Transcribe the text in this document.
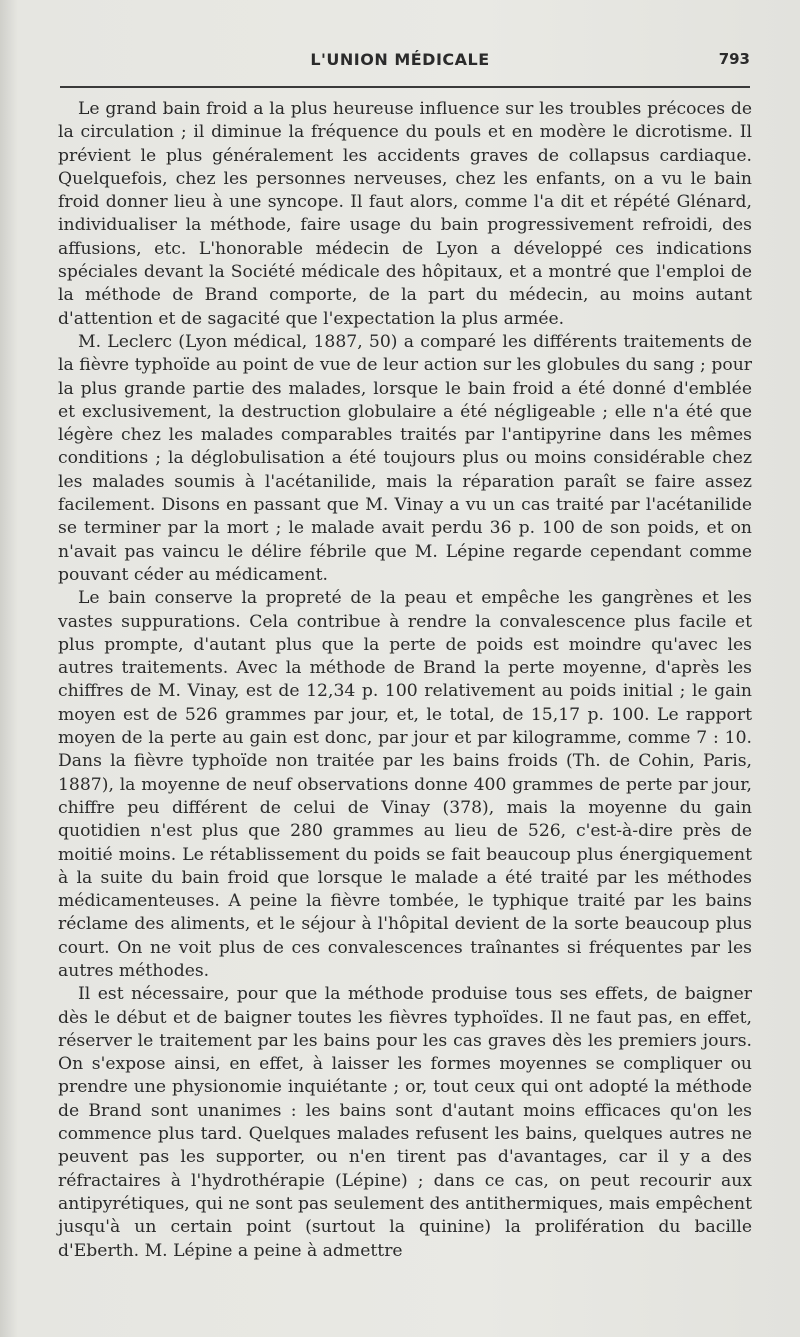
L'UNION MÉDICALE	793

Le grand bain froid a la plus heureuse influence sur les troubles précoces de la circulation ; il diminue la fréquence du pouls et en modère le dicrotisme. Il prévient le plus généralement les accidents graves de collapsus cardiaque. Quelquefois, chez les personnes nerveuses, chez les enfants, on a vu le bain froid donner lieu à une syncope. Il faut alors, comme l'a dit et répété Glénard, individualiser la méthode, faire usage du bain progressivement refroidi, des affusions, etc. L'honorable médecin de Lyon a développé ces indications spéciales devant la Société médicale des hôpitaux, et a montré que l'emploi de la méthode de Brand comporte, de la part du médecin, au moins autant d'attention et de sagacité que l'expectation la plus armée.

M. Leclerc (Lyon médical, 1887, 50) a comparé les différents traitements de la fièvre typhoïde au point de vue de leur action sur les globules du sang ; pour la plus grande partie des malades, lorsque le bain froid a été donné d'emblée et exclusivement, la destruction globulaire a été négligeable ; elle n'a été que légère chez les malades comparables traités par l'antipyrine dans les mêmes conditions ; la déglobulisation a été toujours plus ou moins considérable chez les malades soumis à l'acétanilide, mais la réparation paraît se faire assez facilement. Disons en passant que M. Vinay a vu un cas traité par l'acétanilide se terminer par la mort ; le malade avait perdu 36 p. 100 de son poids, et on n'avait pas vaincu le délire fébrile que M. Lépine regarde cependant comme pouvant céder au médicament.

Le bain conserve la propreté de la peau et empêche les gangrènes et les vastes suppurations. Cela contribue à rendre la convalescence plus facile et plus prompte, d'autant plus que la perte de poids est moindre qu'avec les autres traitements. Avec la méthode de Brand la perte moyenne, d'après les chiffres de M. Vinay, est de 12,34 p. 100 relativement au poids initial ; le gain moyen est de 526 grammes par jour, et, le total, de 15,17 p. 100. Le rapport moyen de la perte au gain est donc, par jour et par kilogramme, comme 7 : 10. Dans la fièvre typhoïde non traitée par les bains froids (Th. de Cohin, Paris, 1887), la moyenne de neuf observations donne 400 grammes de perte par jour, chiffre peu différent de celui de Vinay (378), mais la moyenne du gain quotidien n'est plus que 280 grammes au lieu de 526, c'est-à-dire près de moitié moins. Le rétablissement du poids se fait beaucoup plus énergiquement à la suite du bain froid que lorsque le malade a été traité par les méthodes médicamenteuses. A peine la fièvre tombée, le typhique traité par les bains réclame des aliments, et le séjour à l'hôpital devient de la sorte beaucoup plus court. On ne voit plus de ces convalescences traînantes si fréquentes par les autres méthodes.

Il est nécessaire, pour que la méthode produise tous ses effets, de baigner dès le début et de baigner toutes les fièvres typhoïdes. Il ne faut pas, en effet, réserver le traitement par les bains pour les cas graves dès les premiers jours. On s'expose ainsi, en effet, à laisser les formes moyennes se compliquer ou prendre une physionomie inquiétante ; or, tout ceux qui ont adopté la méthode de Brand sont unanimes : les bains sont d'autant moins efficaces qu'on les commence plus tard. Quelques malades refusent les bains, quelques autres ne peuvent pas les supporter, ou n'en tirent pas d'avantages, car il y a des réfractaires à l'hydrothérapie (Lépine) ; dans ce cas, on peut recourir aux antipyrétiques, qui ne sont pas seulement des antithermiques, mais empêchent jusqu'à un certain point (surtout la quinine) la prolifération du bacille d'Eberth. M. Lépine a peine à admettre
